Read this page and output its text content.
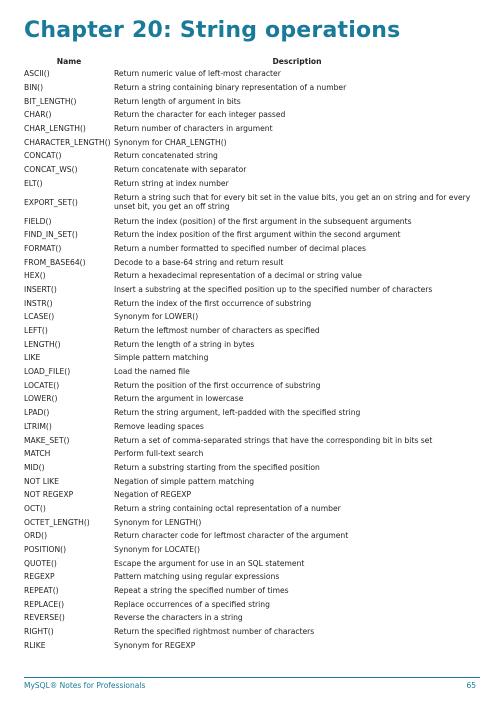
Chapter 20: String operations
Name	Description
ASCII()	Return numeric value of left-most character
BIN()	Return a string containing binary representation of a number
BIT_LENGTH()	Return length of argument in bits
CHAR()	Return the character for each integer passed
CHAR_LENGTH()	Return number of characters in argument
CHARACTER_LENGTH()	Synonym for CHAR_LENGTH()
CONCAT()	Return concatenated string
CONCAT_WS()	Return concatenate with separator
ELT()	Return string at index number
EXPORT_SET()	Return a string such that for every bit set in the value bits, you get an on string and for every unset bit, you get an off string
FIELD()	Return the index (position) of the first argument in the subsequent arguments
FIND_IN_SET()	Return the index position of the first argument within the second argument
FORMAT()	Return a number formatted to specified number of decimal places
FROM_BASE64()	Decode to a base-64 string and return result
HEX()	Return a hexadecimal representation of a decimal or string value
INSERT()	Insert a substring at the specified position up to the specified number of characters
INSTR()	Return the index of the first occurrence of substring
LCASE()	Synonym for LOWER()
LEFT()	Return the leftmost number of characters as specified
LENGTH()	Return the length of a string in bytes
LIKE	Simple pattern matching
LOAD_FILE()	Load the named file
LOCATE()	Return the position of the first occurrence of substring
LOWER()	Return the argument in lowercase
LPAD()	Return the string argument, left-padded with the specified string
LTRIM()	Remove leading spaces
MAKE_SET()	Return a set of comma-separated strings that have the corresponding bit in bits set
MATCH	Perform full-text search
MID()	Return a substring starting from the specified position
NOT LIKE	Negation of simple pattern matching
NOT REGEXP	Negation of REGEXP
OCT()	Return a string containing octal representation of a number
OCTET_LENGTH()	Synonym for LENGTH()
ORD()	Return character code for leftmost character of the argument
POSITION()	Synonym for LOCATE()
QUOTE()	Escape the argument for use in an SQL statement
REGEXP	Pattern matching using regular expressions
REPEAT()	Repeat a string the specified number of times
REPLACE()	Replace occurrences of a specified string
REVERSE()	Reverse the characters in a string
RIGHT()	Return the specified rightmost number of characters
RLIKE	Synonym for REGEXP
MySQL® Notes for Professionals	65
